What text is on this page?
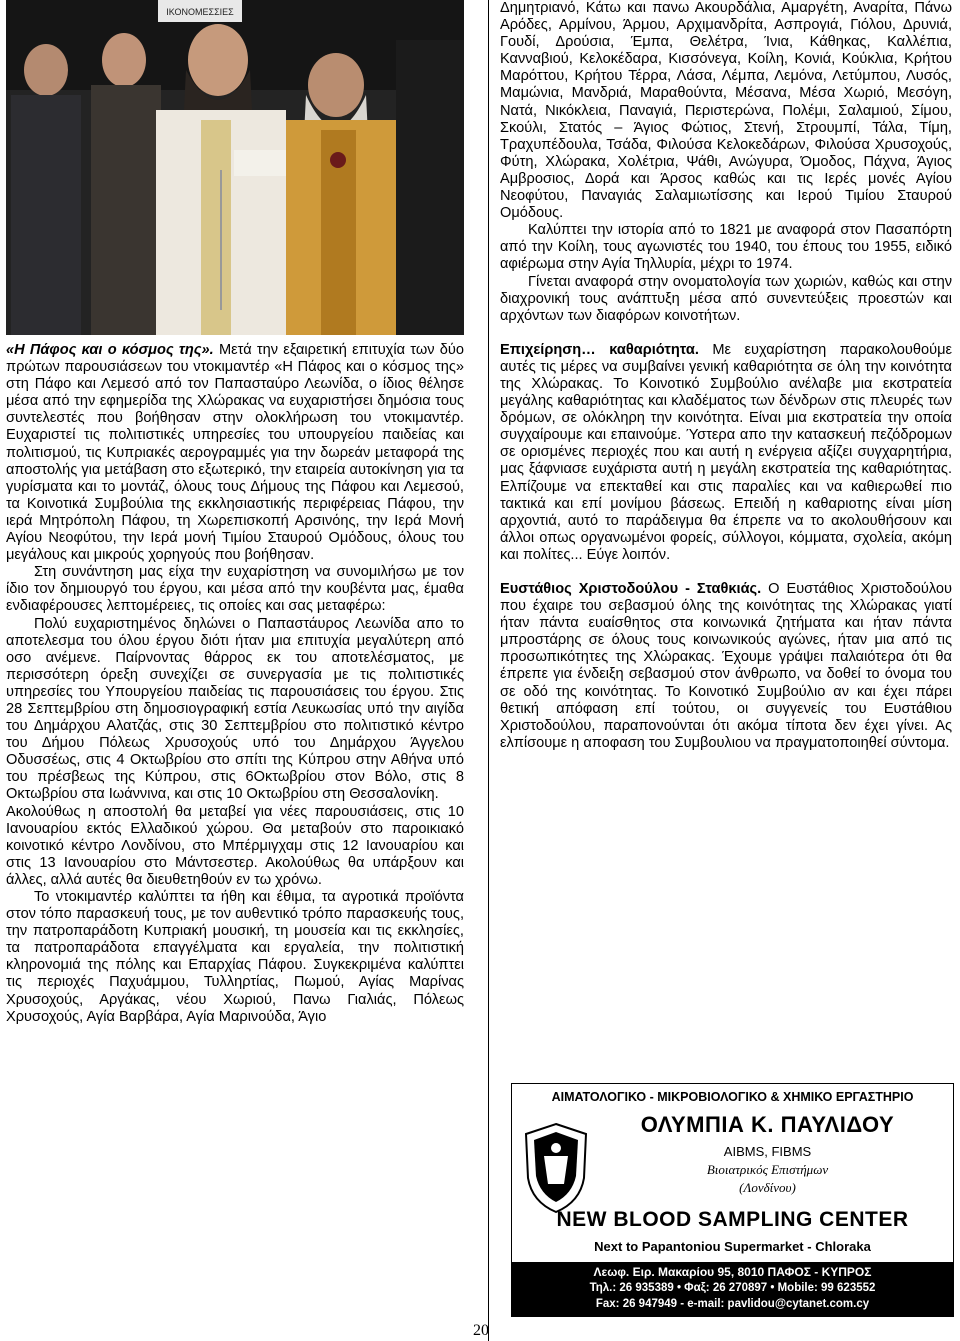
ΙΚΟΝΟΜΕΣΣΙΕΣ

«Η Πάφος και ο κόσμος της». Μετά την εξαιρετική επιτυχία των δύο πρώτων παρουσιάσεων του ντοκιμαντέρ «Η Πάφος και ο κόσμος της» στη Πάφο και Λεμεσό από τον Παπασταύρο Λεωνίδα, ο ίδιος θέλησε μέσα από την εφημερίδα της Χλώρακας να ευχαριστήσει δημόσια τους συντελεστές που βοήθησαν στην ολοκλήρωση του ντοκιμαντέρ. Ευχαριστεί τις πολιτιστικές υπηρεσίες του υπουργείου παιδείας και πολιτισμού, τις Κυπριακές αερογραμμές για την δωρεάν μεταφορά της αποστολής για μετάβαση στο εξωτερικό, την εταιρεία αυτοκίνηση για τα γυρίσματα και το μοντάζ, όλους τους Δήμους της Πάφου και Λεμεσού, τα Κοινοτικά Συμβούλια της εκκλησιαστικής περιφέρειας Πάφου, την ιερά Μητρόπολη Πάφου, τη Χωρεπισκοπή Αρσινόης, την Ιερά Μονή Αγίου Νεοφύτου, την Ιερά μονή Τιμίου Σταυρού Ομόδους, όλους του μεγάλους και μικρούς χορηγούς που βοήθησαν.

Στη συνάντηση μας είχα την ευχαρίστηση να συνομιλήσω με τον ίδιο τον δημιουργό του έργου, και μέσα από την κουβέντα μας, έμαθα ενδιαφέρουσες λεπτομέρειες, τις οποίες και σας μεταφέρω:

Πολύ ευχαριστημένος δηλώνει ο Παπαστάυρος Λεωνίδα απο το αποτελεσμα του όλου έργου διότι ήταν μια επιτυχία μεγαλύτερη από οσο ανέμενε. Παίρνοντας θάρρος εκ του αποτελέσματος, με περισσότερη όρεξη συνεχίζει σε συνεργασία με τις πολιτιστικές υπηρεσίες του Υπουργείου παιδείας τις παρουσιάσεις του έργου. Στις 28 Σεπτεμβρίου στη δημοσιογραφική εστία Λευκωσίας υπό την αιγίδα του Δημάρχου Αλατζάς, στις 30 Σεπτεμβρίου στο πολιτιστικό κέντρο του Δήμου Πόλεως Χρυσοχούς υπό του Δημάρχου Άγγελου Οδυσσέως, στις 4 Οκτωβρίου στο σπίτι της Κύπρου στην Αθήνα υπό του πρέσβεως της Κύπρου, στις 6Οκτωβρίου στον Βόλο, στις 8 Οκτωβρίου στα Ιωάννινα, και στις 10 Οκτωβρίου στη Θεσσαλονίκη.

Ακολούθως η αποστολή θα μεταβεί για νέες παρουσιάσεις, στις 10 Ιανουαρίου εκτός Ελλαδικού χώρου. Θα μεταβούν στο παροικιακό κοινοτικό κέντρο Λονδίνου, στο Μπέρμιγχαμ στις 12 Ιανουαρίου και στις 13 Ιανουαρίου στο Μάντσεστερ. Ακολούθως θα υπάρξουν και άλλες, αλλά αυτές θα διευθετηθούν εν τω χρόνω.

Το ντοκιμαντέρ καλύπτει τα ήθη και έθιμα, τα αγροτικά προϊόντα στον τόπο παρασκευή τους, με τον αυθεντικό τρόπο παρασκευής τους, την πατροπαράδοτη Κυπριακή μουσική, τη μουσεία και τις εκκλησίες, τα πατροπαράδοτα επαγγέλματα και εργαλεία, την πολιτιστική κληρονομιά της πόλης και Επαρχίας Πάφου. Συγκεκριμένα καλύπτει τις περιοχές Παχυάμμου, Τυλληρτίας, Πωμού, Αγίας Μαρίνας Χρυσοχούς, Αργάκας, νέου Χωριού, Πανω Γιαλιάς, Πόλεως Χρυσοχούς, Αγία Βαρβάρα, Αγία Μαρινούδα, Άγιο

Δημητριανό, Κάτω και πανω Ακουρδάλια, Αμαργέτη, Αναρίτα, Πάνω Αρόδες, Αρμίνου, Άρμου, Αρχιμανδρίτα, Ασπρογιά, Γιόλου, Δρυνιά, Γουδί, Δρούσια, Έμπα, Θελέτρα, Ίνια, Κάθηκας, Καλλέπια, Κανναβιού, Κελοκέδαρα, Κισσόνεγα, Κοίλη, Κονιά, Κούκλια, Κρήτου Μαρόττου, Κρήτου Τέρρα, Λάσα, Λέμπα, Λεμόνα, Λετύμπου, Λυσός, Μαμώνια, Μανδριά, Μαραθούντα, Μέσανα, Μέσα Χωριό, Μεσόγη, Νατά, Νικόκλεια, Παναγιά, Περιστερώνα, Πολέμι, Σαλαμιού, Σίμου, Σκούλι, Στατός – Άγιος Φώτιος, Στενή, Στρουμπί, Τάλα, Τίμη, Τραχυπέδουλα, Τσάδα, Φιλούσα Κελοκεδάρων, Φιλούσα Χρυσοχούς, Φύτη, Χλώρακα, Χολέτρια, Ψάθι, Ανώγυρα, Όμοδος, Πάχνα, Άγιος Αμβροσιος, Δορά και Άρσος καθώς και τις Ιερές μονές Αγίου Νεοφύτου, Παναγιάς Σαλαμιωτίσσης και Ιερού Τιμίου Σταυρού Ομόδους.

Καλύπτει την ιστορία από το 1821 με αναφορά στον Πασαπόρτη από την Κοίλη, τους αγωνιστές του 1940, του έπους του 1955, ειδικό αφιέρωμα στην Αγία Τηλλυρία, μέχρι το 1974.

Γίνεται αναφορά στην ονοματολογία των χωριών, καθώς και στην διαχρονική τους ανάπτυξη μέσα από συνεντεύξεις προεστών και αρχόντων των διαφόρων κοινοτήτων.

Επιχείρηση… καθαριότητα. Με ευχαρίστηση παρακολουθούμε αυτές τις μέρες να συμβαίνει γενική καθαριότητα σε όλη την κοινότητα της Χλώρακας. Το Κοινοτικό Συμβούλιο ανέλαβε μια εκστρατεία μεγάλης καθαριότητας και κλαδέματος των δένδρων στις πλευρές των δρόμων, σε ολόκληρη την κοινότητα. Είναι μια εκστρατεία την οποία συγχαίρουμε και επαινούμε. Ύστερα απο την κατασκευή πεζόδρομων σε ορισμένες περιοχές που και αυτή η ενέργεια αξίζει συγχαρητήρια, μας ξάφνιασε ευχάριστα αυτή η μεγάλη εκστρατεία της καθαριότητας. Ελπίζουμε να επεκταθεί και στις παραλίες και να καθιερωθεί πιο τακτικά και επί μονίμου βάσεως. Επειδή η καθαριοτης είναι μίση αρχοντιά, αυτό το παράδειγμα θα έπρεπε να το ακολουθήσουν και άλλοι οπως οργανωμένοι φορείς, σύλλογοι, κόμματα, σχολεία, ακόμη και πολίτες... Εύγε λοιπόν.

Ευστάθιος Χριστοδούλου - Σταθκιάς. Ο Ευστάθιος Χριστοδούλου που έχαιρε του σεβασμού όλης της κοινότητας της Χλώρακας γιατί ήταν πάντα ευαίσθητος στα κοινωνικά ζητήματα και ήταν πάντα μπροστάρης σε όλους τους κοινωνικούς αγώνες, ήταν μια από τις προσωπικότητες της Χλώρακας. Έχουμε γράψει παλαιότερα ότι θα έπρεπε για ένδειξη σεβασμού στον άνθρωπο, να δοθεί το όνομα του σε οδό της κοινότητας. Το Κοινοτικό Συμβούλιο αν και έχει πάρει θετική απόφαση επί τούτου, οι συγγενείς του Ευστάθιου Χριστοδούλου, παραπονούνται ότι ακόμα τίποτα δεν έχει γίνει. Ας ελπίσουμε η αποφαση του Συμβουλιου να πραγματοποιηθεί σύντομα.

ΑΙΜΑΤΟΛΟΓΙΚΟ - ΜΙΚΡΟΒΙΟΛΟΓΙΚΟ & ΧΗΜΙΚΟ ΕΡΓΑΣΤΗΡΙΟ
ΟΛΥΜΠΙΑ Κ. ΠΑΥΛΙΔΟΥ
AIBMS, FIBMS
Βιοιατρικός Επιστήμων
(Λονδίνου)
NEW BLOOD SAMPLING CENTER
Next to Papantoniou Supermarket - Chloraka
Λεωφ. Ειρ. Μακαρίου 95, 8010 ΠΑΦΟΣ - ΚΥΠΡΟΣ
Τηλ.: 26 935389 • Φαξ: 26 270897 • Mobile: 99 623552
Fax: 26 947949 - e-mail: pavlidou@cytanet.com.cy
20
